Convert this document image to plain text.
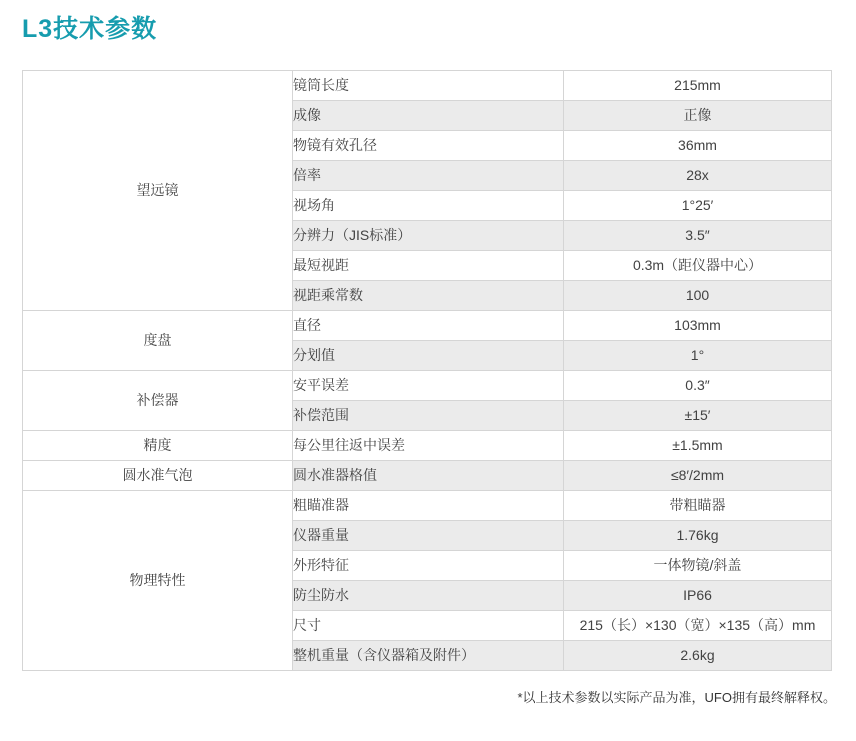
L3技术参数
望远镜	镜筒长度	215mm
	成像	正像
	物镜有效孔径	36mm
	倍率	28x
	视场角	1°25′
	分辨力（JIS标准）	3.5″
	最短视距	0.3m（距仪器中心）
	视距乘常数	100
度盘	直径	103mm
	分划值	1°
补偿器	安平误差	0.3″
	补偿范围	±15′
精度	每公里往返中误差	±1.5mm
圆水准气泡	圆水准器格值	≤8′/2mm
物理特性	粗瞄准器	带粗瞄器
	仪器重量	1.76kg
	外形特征	一体物镜/斜盖
	防尘防水	IP66
	尺寸	215（长）×130（宽）×135（高）mm
	整机重量（含仪器箱及附件）	2.6kg
*以上技术参数以实际产品为准，UFO拥有最终解释权。
